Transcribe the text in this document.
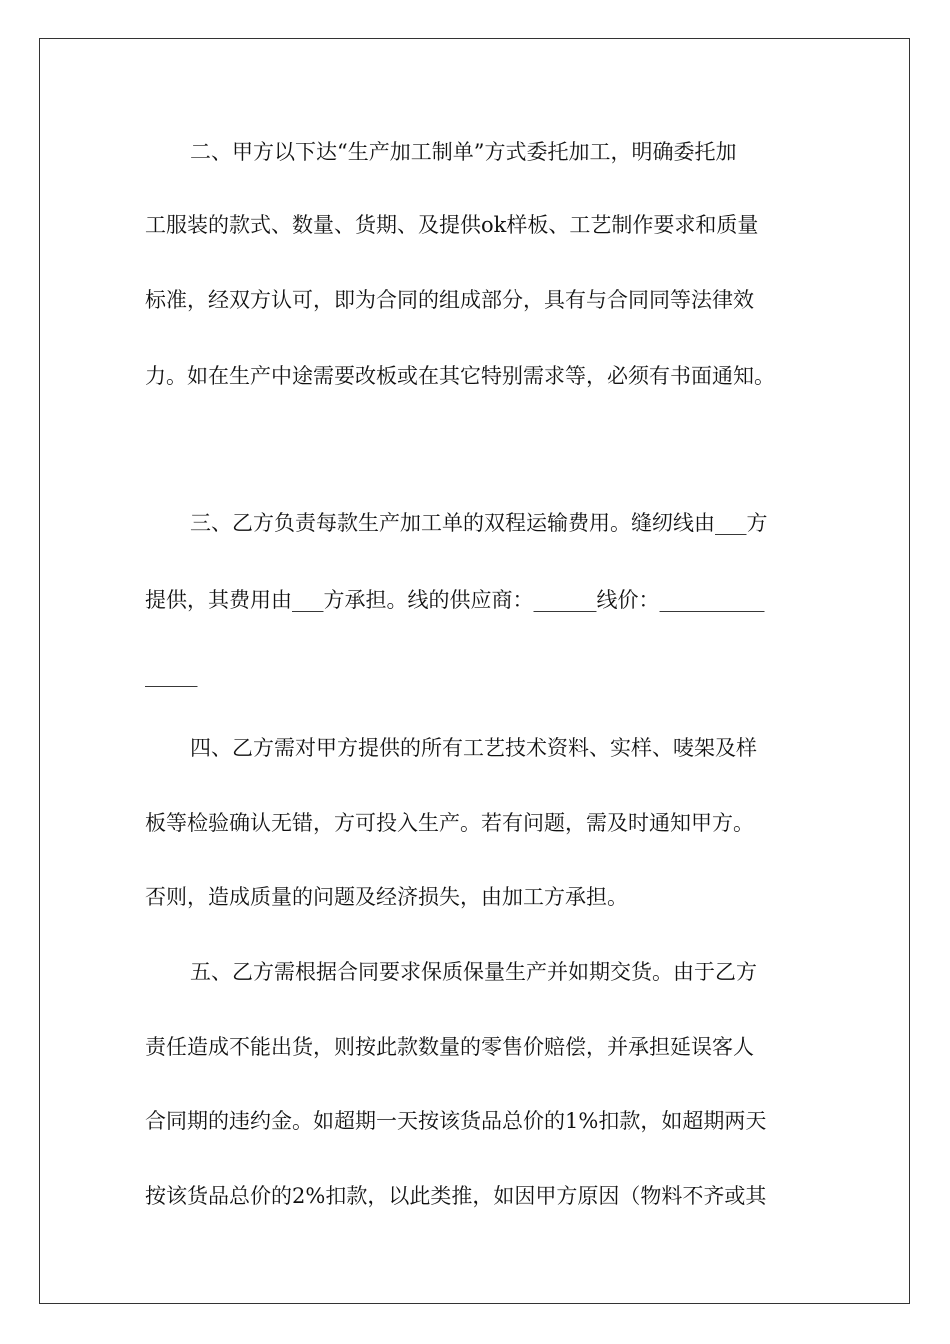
二、甲方以下达“生产加工制单”方式委托加工，明确委托加
工服装的款式、数量、货期、及提供ok样板、工艺制作要求和质量
标准，经双方认可，即为合同的组成部分，具有与合同同等法律效
力。如在生产中途需要改板或在其它特别需求等，必须有书面通知。
三、乙方负责每款生产加工单的双程运输费用。缝纫线由___方
提供，其费用由___方承担。线的供应商：______线价：__________
_____
四、乙方需对甲方提供的所有工艺技术资料、实样、唛架及样
板等检验确认无错，方可投入生产。若有问题，需及时通知甲方。
否则，造成质量的问题及经济损失，由加工方承担。
五、乙方需根据合同要求保质保量生产并如期交货。由于乙方
责任造成不能出货，则按此款数量的零售价赔偿，并承担延误客人
合同期的违约金。如超期一天按该货品总价的1%扣款，如超期两天
按该货品总价的2%扣款，以此类推，如因甲方原因（物料不齐或其
